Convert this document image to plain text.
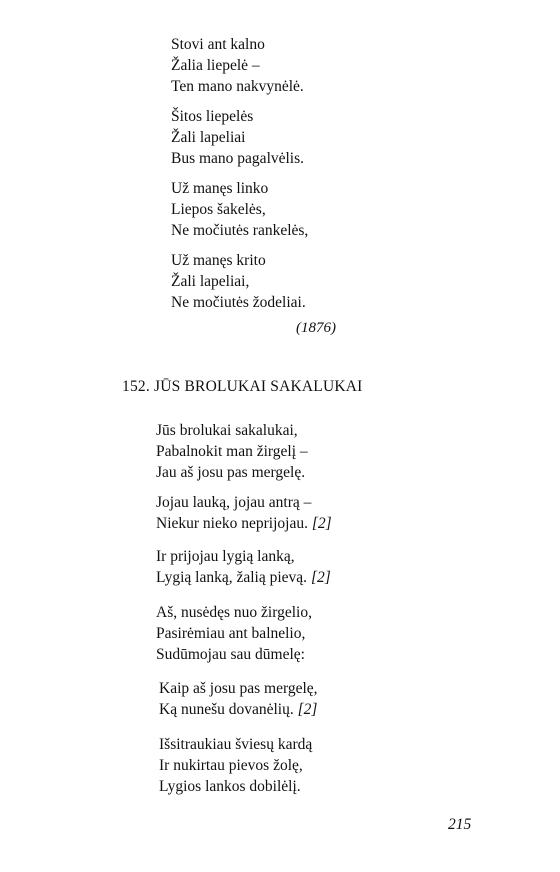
Stovi ant kalno
Žalia liepelė –
Ten mano nakvynėlė.
Šitos liepelės
Žali lapeliai
Bus mano pagalvėlis.
Už manęs linko
Liepos šakelės,
Ne močiutės rankelės,
Už manęs krito
Žali lapeliai,
Ne močiutės žodeliai.
(1876)
152. JŪS BROLUKAI SAKALUKAI
Jūs brolukai sakalukai,
Pabalnokit man žirgelį –
Jau aš josu pas mergelę.
Jojau lauką, jojau antrą –
Niekur nieko neprijojau. [2]
Ir prijojau lygią lanką,
Lygią lanką, žalią pievą. [2]
Aš, nusėdęs nuo žirgelio,
Pasirėmiau ant balnelio,
Sudūmojau sau dūmelę:
Kaip aš josu pas mergelę,
Ką nunešu dovanėlių. [2]
Išsitraukiau šviesų kardą
Ir nukirtau pievos žolę,
Lygios lankos dobilėlį.
215
